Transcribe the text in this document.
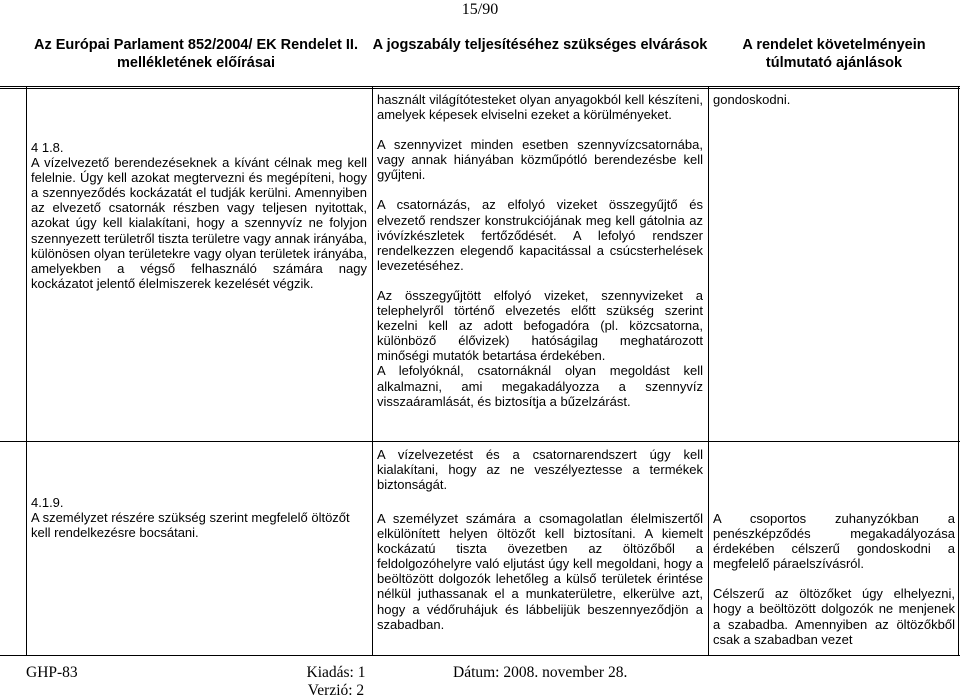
15/90
Az Európai Parlament 852/2004/ EK Rendelet II. mellékletének előírásai
A jogszabály teljesítéséhez szükséges elvárások	A rendelet követelményein túlmutató ajánlások

4 1.8.

A vízelvezető berendezéseknek a kívánt célnak meg kell felelnie. Úgy kell azokat megtervezni és megépíteni, hogy a szennyeződés kockázatát el tudják kerülni. Amennyiben az elvezető csatornák részben vagy teljesen nyitottak, azokat úgy kell kialakítani, hogy a szennyvíz ne folyjon szennyezett területről tiszta területre vagy annak irányába, különösen olyan területekre vagy olyan területek irányába, amelyekben a végső felhasználó számára nagy kockázatot jelentő élelmiszerek kezelését végzik.

használt világítótesteket olyan anyagokból kell készíteni, amelyek képesek elviselni ezeket a körülményeket.

A szennyvizet minden esetben szennyvízcsatornába, vagy annak hiányában közműpótló berendezésbe kell gyűjteni.

A csatornázás, az elfolyó vizeket összegyűjtő és elvezető rendszer konstrukciójának meg kell gátolnia az ivóvízkészletek fertőződését. A lefolyó rendszer rendelkezzen elegendő kapacitással a csúcsterhelések levezetéséhez.

Az összegyűjtött elfolyó vizeket, szennyvizeket a telephelyről történő elvezetés előtt szükség szerint kezelni kell az adott befogadóra (pl. közcsatorna, különböző élővizek) hatóságilag meghatározott minőségi mutatók betartása érdekében.

A lefolyóknál, csatornáknál olyan megoldást kell alkalmazni, ami megakadályozza a szennyvíz visszaáramlását, és biztosítja a bűzelzárást.

A vízelvezetést és a csatornarendszert úgy kell kialakítani, hogy az ne veszélyeztesse a termékek biztonságát.

gondoskodni.

4.1.9.

A személyzet részére szükség szerint megfelelő öltözőt kell rendelkezésre bocsátani.

A személyzet számára a csomagolatlan élelmiszertől elkülönített helyen öltözőt kell biztosítani. A kiemelt kockázatú tiszta övezetben az öltözőből a feldolgozóhelyre való eljutást úgy kell megoldani, hogy a beöltözött dolgozók lehetőleg a külső területek érintése nélkül juthassanak el a munkaterületre, elkerülve azt, hogy a védőruhájuk és lábbelijük beszennyeződjön a szabadban.

A csoportos zuhanyzókban a penészképződés megakadályozása érdekében célszerű gondoskodni a megfelelő páraelszívásról.

Célszerű az öltözőket úgy elhelyezni, hogy a beöltözött dolgozók ne menjenek a szabadba. Amennyiben az öltözőkből csak a szabadban vezet

GHP-83	Kiadás: 1
Verzió: 2
Dátum: 2008. november 28.
